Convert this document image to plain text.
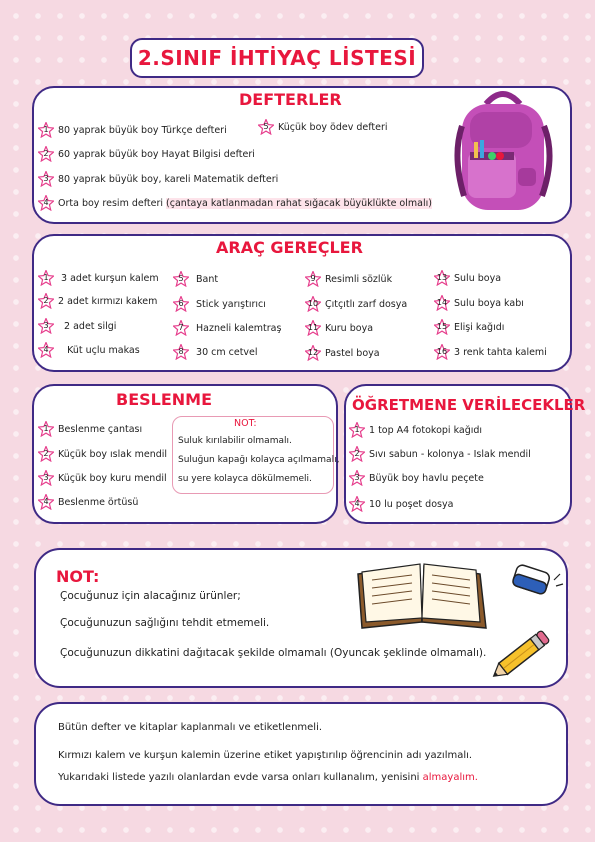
2.SINIF İHTİYAÇ LİSTESİ
DEFTERLER
1 80 yaprak büyük boy Türkçe defteri
2 60 yaprak büyük boy Hayat Bilgisi defteri
3 80 yaprak büyük boy, kareli Matematik defteri
4 Orta boy resim defteri
(çantaya katlanmadan rahat sığacak büyüklükte olmalı)
5 Küçük boy ödev defteri
ARAÇ GEREÇLER
1
	3 adet kurşun kalem
2 2 adet kırmızı kakem
3
	2 adet silgi
4
	Küt uçlu makas
5
	Bant
6
	Stick yarıştırıcı
7
	Hazneli kalemtraş
8
	30 cm cetvel
9 Resimli sözlük
10 Çıtçıtlı zarf dosya
11 Kuru boya
12 Pastel boya
13 Sulu boya
14 Sulu boya kabı
15 Elişi kağıdı
16 3 renk tahta kalemi
BESLENME
1 Beslenme çantası
2 Küçük boy ıslak mendil
3 Küçük boy kuru mendil
4 Beslenme örtüsü
NOT:
Suluk kırılabilir olmamalı.
Suluğun kapağı kolayca açılmamalı,
su yere kolayca dökülmemeli.
ÖĞRETMENE VERİLECEKLER
1 1 top A4 fotokopi kağıdı
2 Sıvı sabun - kolonya - Islak mendil
3 Büyük boy havlu peçete
4 10 lu poşet dosya
NOT:
Çocuğunuz için alacağınız ürünler;
Çocuğunuzun sağlığını tehdit etmemeli.
Çocuğunuzun dikkatini dağıtacak şekilde olmamalı (Oyuncak şeklinde olmamalı).
Bütün defter ve kitaplar kaplanmalı ve etiketlenmeli.
Kırmızı kalem ve kurşun kalemin üzerine etiket yapıştırılıp öğrencinin adı yazılmalı.
Yukarıdaki listede yazılı olanlardan evde varsa onları kullanalım, yenisini almayalım.
